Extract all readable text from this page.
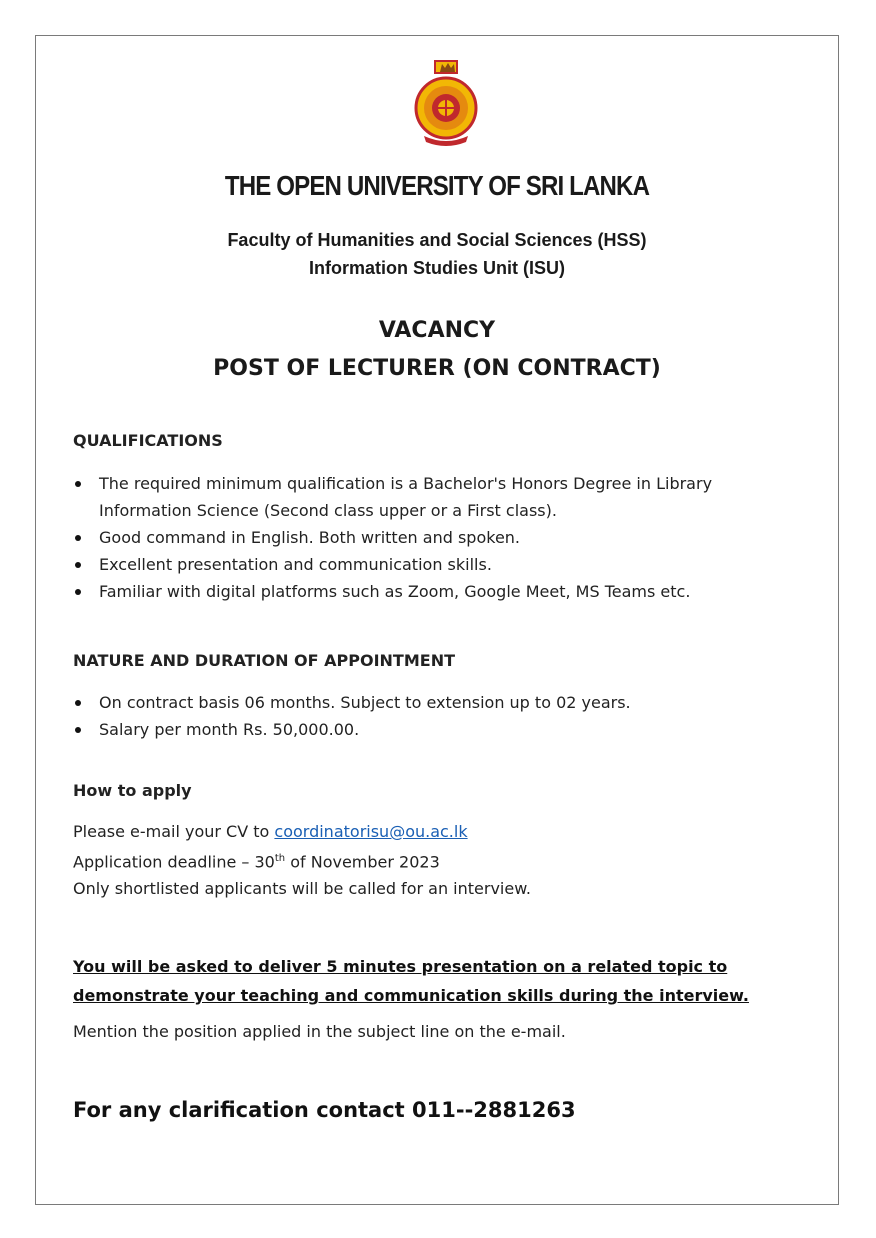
THE OPEN UNIVERSITY OF SRI LANKA
Faculty of Humanities and Social Sciences (HSS)
Information Studies Unit (ISU)
VACANCY
POST OF LECTURER (ON CONTRACT)
QUALIFICATIONS
The required minimum qualification is a Bachelor's Honors Degree in Library Information Science (Second class upper or a First class).
Good command in English. Both written and spoken.
Excellent presentation and communication skills.
Familiar with digital platforms such as Zoom, Google Meet, MS Teams etc.
NATURE AND DURATION OF APPOINTMENT
On contract basis 06 months. Subject to extension up to 02 years.
Salary per month Rs. 50,000.00.
How to apply
Please e-mail your CV to coordinatorisu@ou.ac.lk
Application deadline – 30th of November 2023
Only shortlisted applicants will be called for an interview.
You will be asked to deliver 5 minutes presentation on a related topic to
demonstrate your teaching and communication skills during the interview.
Mention the position applied in the subject line on the e-mail.
For any clarification contact 011--2881263
